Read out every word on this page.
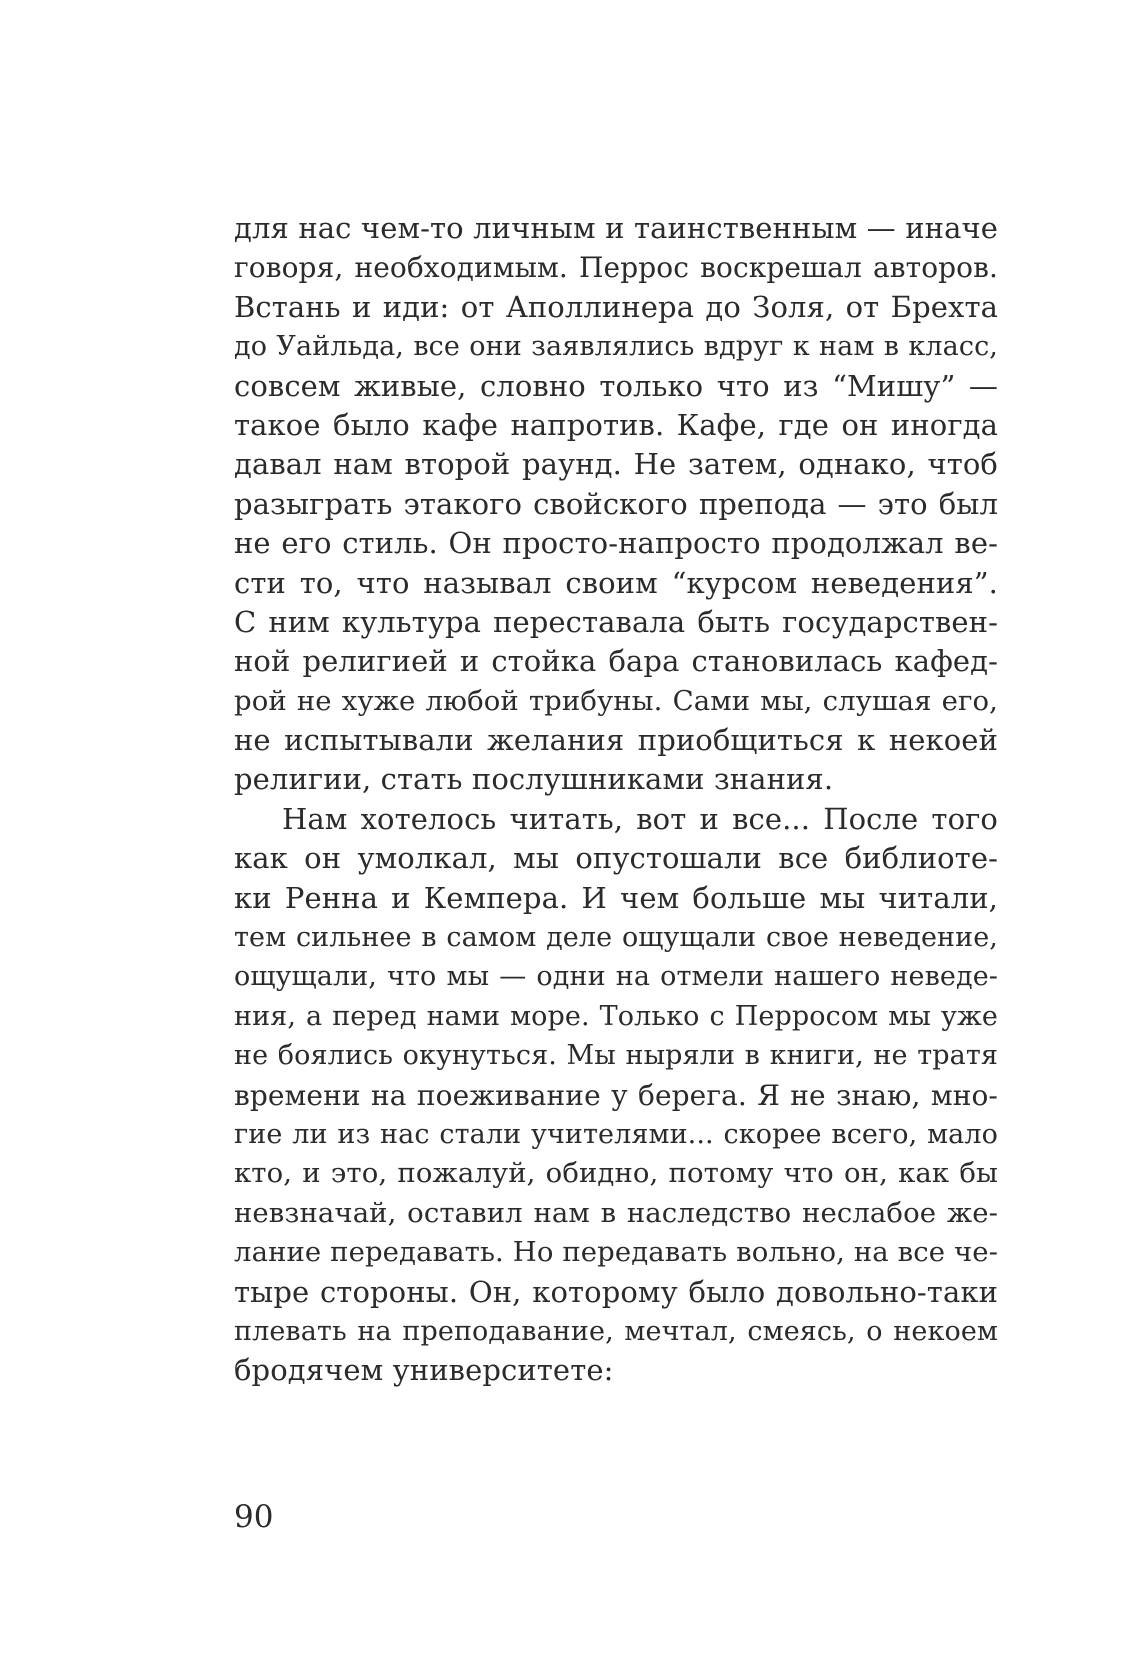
для нас чем-то личным и таинственным — иначе
говоря, необходимым. Перрос воскрешал авторов.
Встань и иди: от Аполлинера до Золя, от Брехта
до Уайльда, все они заявлялись вдруг к нам в класс,
совсем живые, словно только что из “Мишу” —
такое было кафе напротив. Кафе, где он иногда
давал нам второй раунд. Не затем, однако, чтоб
разыграть этакого свойского препода — это был
не его стиль. Он просто-напросто продолжал ве-
сти то, что называл своим “курсом неведения”.
С ним культура переставала быть государствен-
ной религией и стойка бара становилась кафед-
рой не хуже любой трибуны. Сами мы, слушая его,
не испытывали желания приобщиться к некоей
религии, стать послушниками знания.
Нам хотелось читать, вот и все... После того
как он умолкал, мы опустошали все библиоте-
ки Ренна и Кемпера. И чем больше мы читали,
тем сильнее в самом деле ощущали свое неведение,
ощущали, что мы — одни на отмели нашего неведе-
ния, а перед нами море. Только с Перросом мы уже
не боялись окунуться. Мы ныряли в книги, не тратя
времени на поеживание у берега. Я не знаю, мно-
гие ли из нас стали учителями... скорее всего, мало
кто, и это, пожалуй, обидно, потому что он, как бы
невзначай, оставил нам в наследство неслабое же-
лание передавать. Но передавать вольно, на все че-
тыре стороны. Он, которому было довольно-таки
плевать на преподавание, мечтал, смеясь, о некоем
бродячем университете:
90
